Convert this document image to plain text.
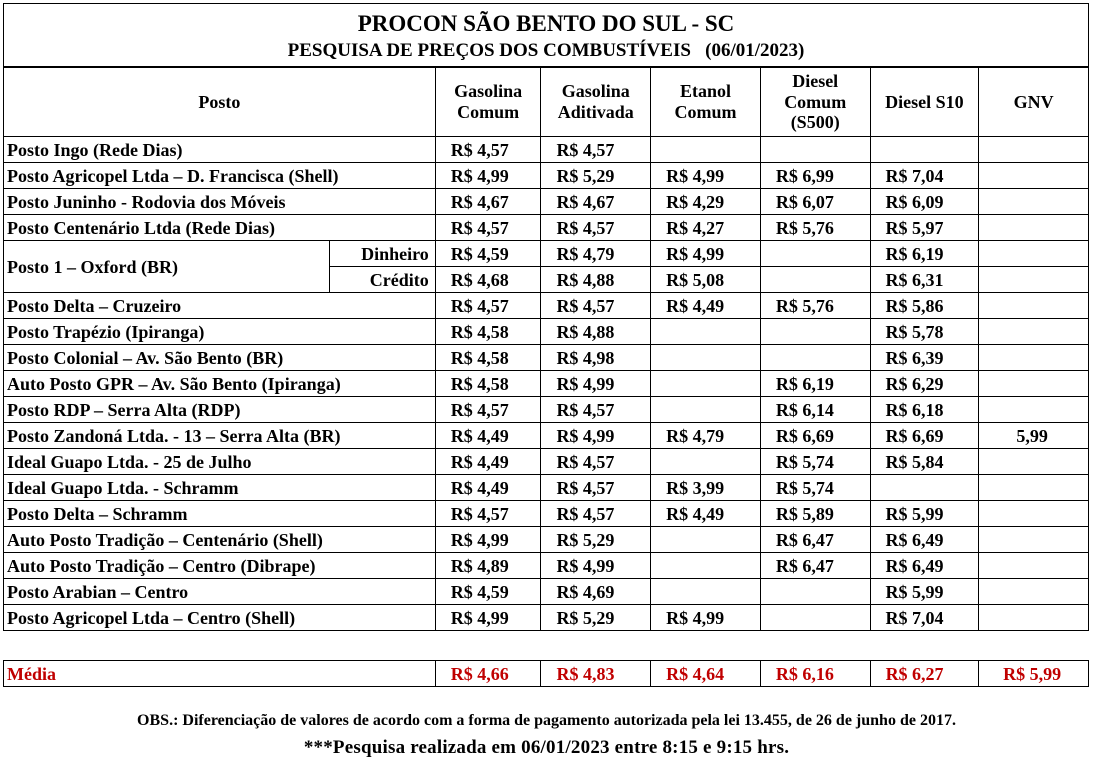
PROCON SÃO BENTO DO SUL - SC
PESQUISA DE PREÇOS DOS COMBUSTÍVEIS   (06/01/2023)
Posto		Gasolina Comum	Gasolina Aditivada	Etanol Comum	Diesel Comum (S500)	Diesel S10	GNV
Posto Ingo (Rede Dias)		R$ 4,57	R$ 4,57				
Posto Agricopel Ltda – D. Francisca (Shell)		R$ 4,99	R$ 5,29	R$ 4,99	R$ 6,99	R$ 7,04	
Posto Juninho - Rodovia dos Móveis		R$ 4,67	R$ 4,67	R$ 4,29	R$ 6,07	R$ 6,09	
Posto Centenário Ltda (Rede Dias)		R$ 4,57	R$ 4,57	R$ 4,27	R$ 5,76	R$ 5,97	
Posto 1 – Oxford (BR)	Dinheiro	R$ 4,59	R$ 4,79	R$ 4,99		R$ 6,19	
	Crédito	R$ 4,68	R$ 4,88	R$ 5,08		R$ 6,31	
Posto Delta – Cruzeiro		R$ 4,57	R$ 4,57	R$ 4,49	R$ 5,76	R$ 5,86	
Posto Trapézio (Ipiranga)		R$ 4,58	R$ 4,88			R$ 5,78	
Posto Colonial – Av. São Bento (BR)		R$ 4,58	R$ 4,98			R$ 6,39	
Auto Posto GPR – Av. São Bento (Ipiranga)		R$ 4,58	R$ 4,99		R$ 6,19	R$ 6,29	
Posto RDP – Serra Alta (RDP)		R$ 4,57	R$ 4,57		R$ 6,14	R$ 6,18	
Posto Zandoná Ltda. - 13 – Serra Alta (BR)		R$ 4,49	R$ 4,99	R$ 4,79	R$ 6,69	R$ 6,69	5,99
Ideal Guapo Ltda. - 25 de Julho		R$ 4,49	R$ 4,57		R$ 5,74	R$ 5,84	
Ideal Guapo Ltda. - Schramm		R$ 4,49	R$ 4,57	R$ 3,99	R$ 5,74		
Posto Delta – Schramm		R$ 4,57	R$ 4,57	R$ 4,49	R$ 5,89	R$ 5,99	
Auto Posto Tradição – Centenário (Shell)		R$ 4,99	R$ 5,29		R$ 6,47	R$ 6,49	
Auto Posto Tradição – Centro (Dibrape)		R$ 4,89	R$ 4,99		R$ 6,47	R$ 6,49	
Posto Arabian – Centro		R$ 4,59	R$ 4,69			R$ 5,99	
Posto Agricopel Ltda – Centro (Shell)		R$ 4,99	R$ 5,29	R$ 4,99		R$ 7,04	
Média	R$ 4,66	R$ 4,83	R$ 4,64	R$ 6,16	R$ 6,27	R$ 5,99
OBS.: Diferenciação de valores de acordo com a forma de pagamento autorizada pela lei 13.455, de 26 de junho de 2017.
***Pesquisa realizada em 06/01/2023 entre 8:15 e 9:15 hrs.
